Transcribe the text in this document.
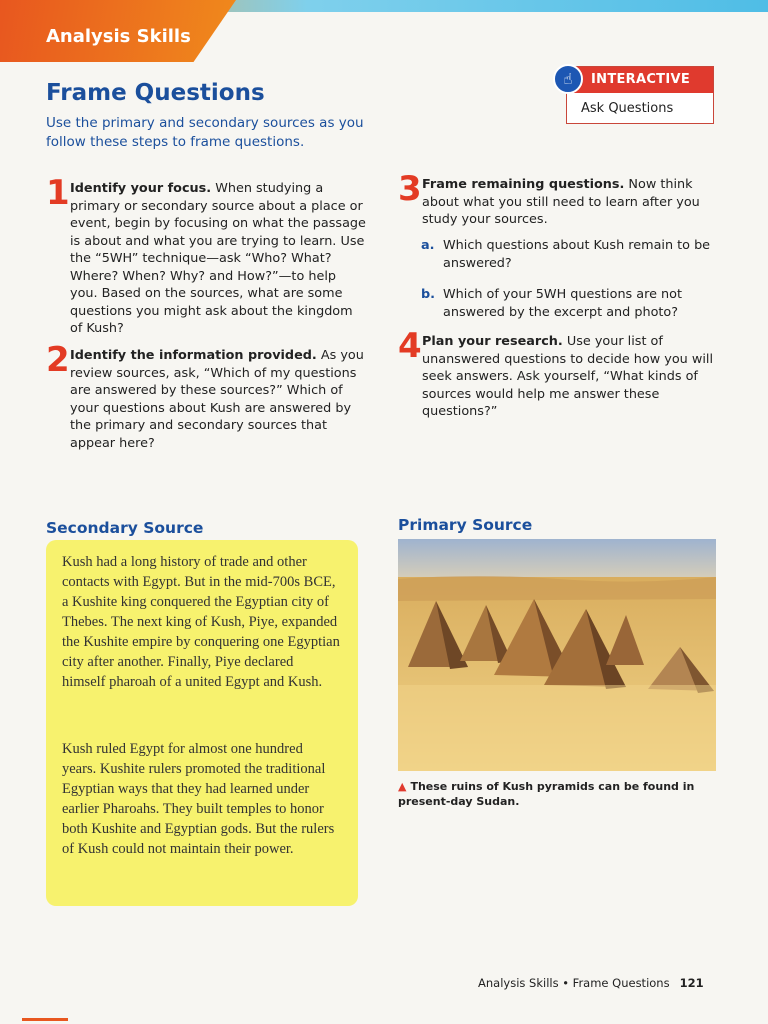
Analysis Skills
Frame Questions

Use the primary and secondary sources as you follow these steps to frame questions.

INTERACTIVE
☝
Ask Questions
1 Identify your focus. When studying a primary or secondary source about a place or event, begin by focusing on what the passage is about and what you are trying to learn. Use the “5WH” technique—ask “Who? What? Where? When? Why? and How?”—to help you. Based on the sources, what are some questions you might ask about the kingdom of Kush?
2 Identify the information provided. As you review sources, ask, “Which of my questions are answered by these sources?” Which of your questions about Kush are answered by the primary and secondary sources that appear here?
3 Frame remaining questions. Now think about what you still need to learn after you study your sources.
a. Which questions about Kush remain to be answered?
b. Which of your 5WH questions are not answered by the excerpt and photo?
4 Plan your research. Use your list of unanswered questions to decide how you will seek answers. Ask yourself, “What kinds of sources would help me answer these questions?”
Secondary Source

Kush had a long history of trade and other contacts with Egypt. But in the mid-700s BCE, a Kushite king conquered the Egyptian city of Thebes. The next king of Kush, Piye, expanded the Kushite empire by conquering one Egyptian city after another. Finally, Piye declared himself pharoah of a united Egypt and Kush.

Kush ruled Egypt for almost one hundred years. Kushite rulers promoted the traditional Egyptian ways that they had learned under earlier Pharoahs. They built temples to honor both Kushite and Egyptian gods. But the rulers of Kush could not maintain their power.

Primary Source
▲ These ruins of Kush pyramids can be found in present-day Sudan.
Analysis Skills • Frame Questions 121
